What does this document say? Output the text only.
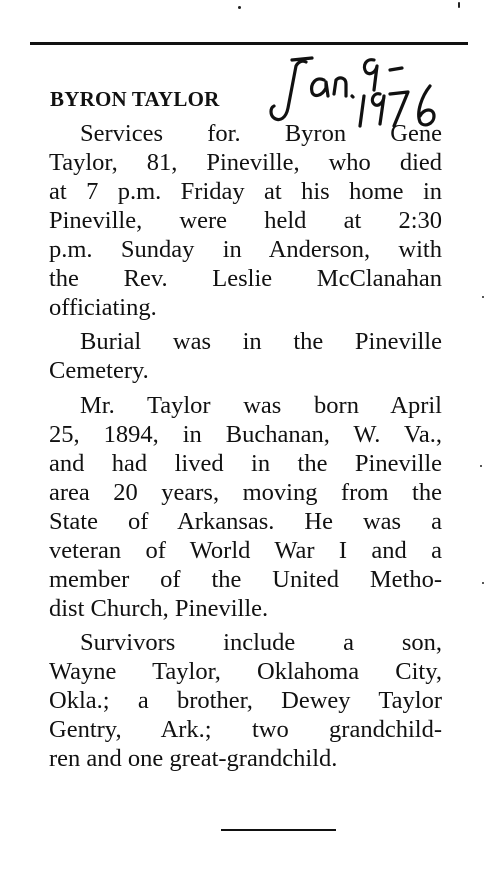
BYRON TAYLOR
Services for. Byron Gene
Taylor, 81, Pineville, who died
at 7 p.m. Friday at his home in
Pineville, were held at 2:30
p.m. Sunday in Anderson, with
the Rev. Leslie McClanahan
officiating.
Burial was in the Pineville
Cemetery.
Mr. Taylor was born April
25, 1894, in Buchanan, W. Va.,
and had lived in the Pineville
area 20 years, moving from the
State of Arkansas. He was a
veteran of World War I and a
member of the United Metho-
dist Church, Pineville.
Survivors include a son,
Wayne Taylor, Oklahoma City,
Okla.; a brother, Dewey Taylor
Gentry, Ark.; two grandchild-
ren and one great-grandchild.
